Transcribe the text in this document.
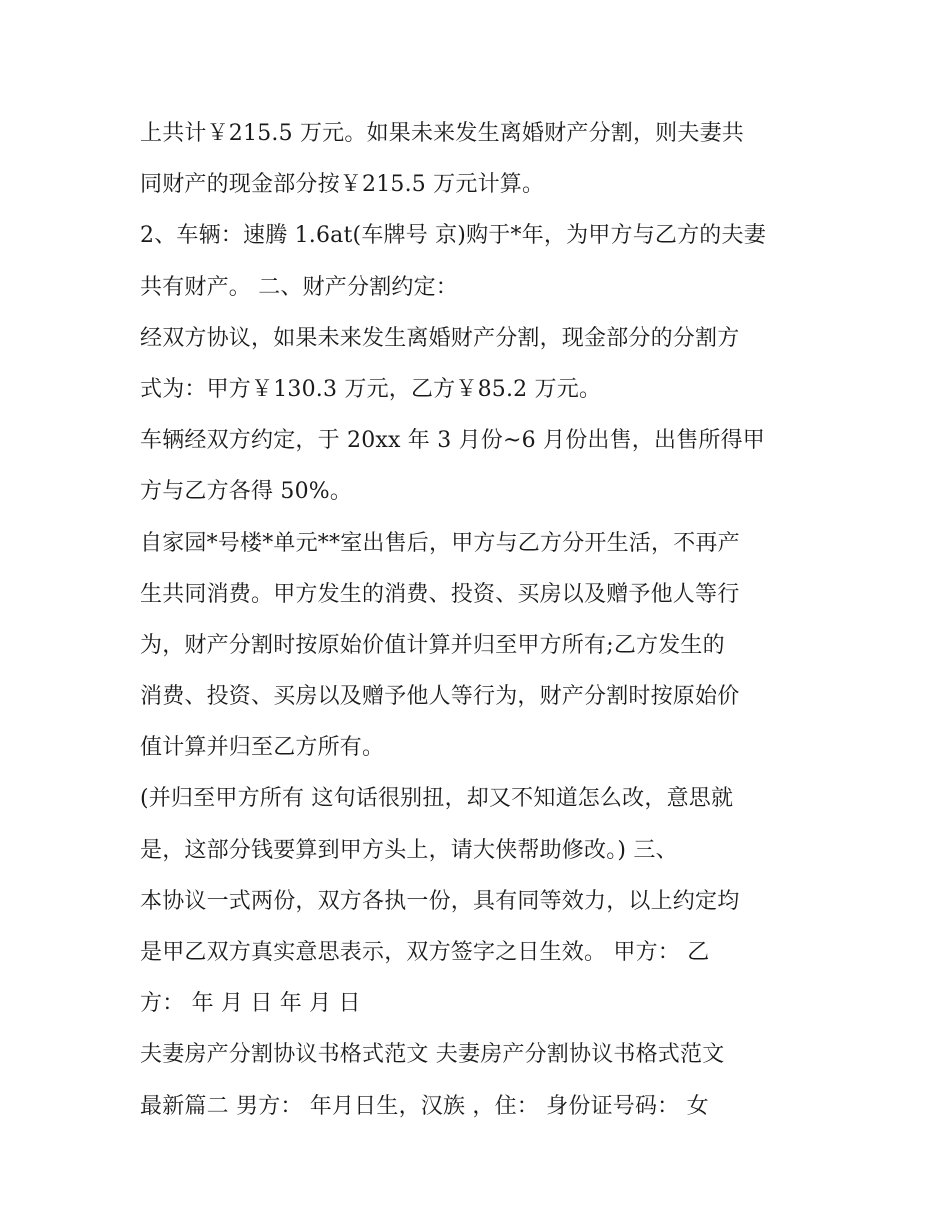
上共计￥215.5 万元。如果未来发生离婚财产分割，则夫妻共
同财产的现金部分按￥215.5 万元计算。
2、车辆：速腾 1.6at(车牌号 京)购于*年，为甲方与乙方的夫妻
共有财产。 二、财产分割约定：
经双方协议，如果未来发生离婚财产分割，现金部分的分割方
式为：甲方￥130.3 万元，乙方￥85.2 万元。
车辆经双方约定，于 20xx 年 3 月份~6 月份出售，出售所得甲
方与乙方各得 50%。
自家园*号楼*单元**室出售后，甲方与乙方分开生活，不再产
生共同消费。甲方发生的消费、投资、买房以及赠予他人等行
为，财产分割时按原始价值计算并归至甲方所有;乙方发生的
消费、投资、买房以及赠予他人等行为，财产分割时按原始价
值计算并归至乙方所有。
(并归至甲方所有 这句话很别扭，却又不知道怎么改，意思就
是，这部分钱要算到甲方头上，请大侠帮助修改。) 三、
本协议一式两份，双方各执一份，具有同等效力，以上约定均
是甲乙双方真实意思表示，双方签字之日生效。 甲方： 乙
方： 年 月 日 年 月 日
夫妻房产分割协议书格式范文 夫妻房产分割协议书格式范文
最新篇二 男方： 年月日生，汉族 ，住： 身份证号码： 女
